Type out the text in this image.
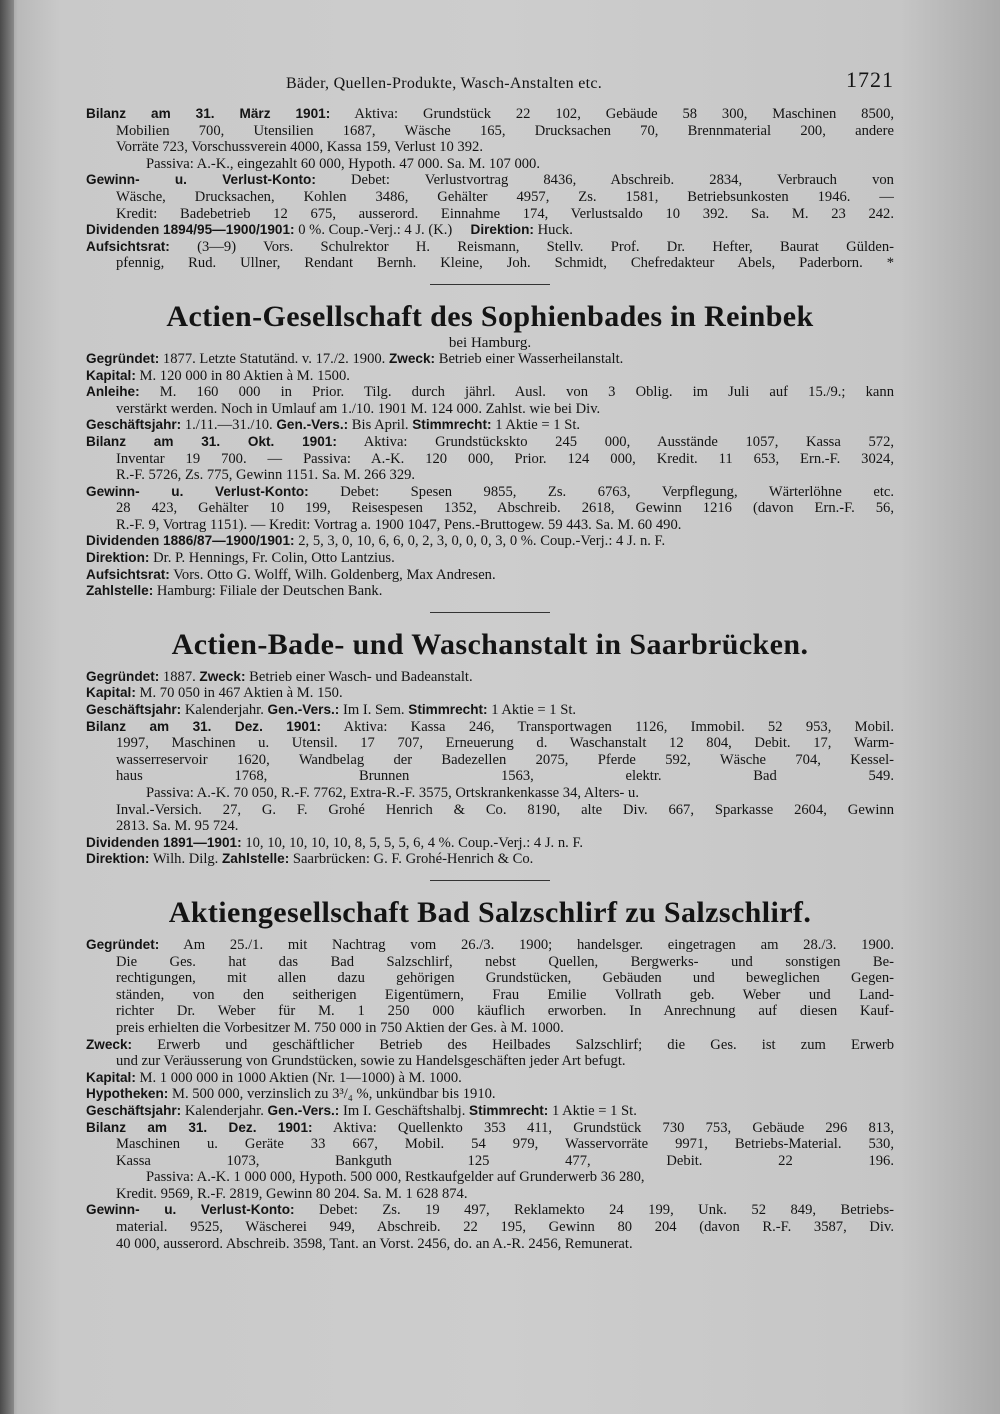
Bäder, Quellen-Produkte, Wasch-Anstalten etc.	1721
Bilanz am 31. März 1901: Aktiva: Grundstück 22 102, Gebäude 58 300, Maschinen 8500,
Mobilien 700, Utensilien 1687, Wäsche 165, Drucksachen 70, Brennmaterial 200, andere
Vorräte 723, Vorschussverein 4000, Kassa 159, Verlust 10 392.
Passiva: A.-K., eingezahlt 60 000, Hypoth. 47 000. Sa. M. 107 000.
Gewinn- u. Verlust-Konto: Debet: Verlustvortrag 8436, Abschreib. 2834, Verbrauch von
Wäsche, Drucksachen, Kohlen 3486, Gehälter 4957, Zs. 1581, Betriebsunkosten 1946. —
Kredit: Badebetrieb 12 675, ausserord. Einnahme 174, Verlustsaldo 10 392. Sa. M. 23 242.
Dividenden 1894/95—1900/1901: 0 %. Coup.-Verj.: 4 J. (K.) Direktion: Huck.
Aufsichtsrat: (3—9) Vors. Schulrektor H. Reismann, Stellv. Prof. Dr. Hefter, Baurat Gülden-
pfennig, Rud. Ullner, Rendant Bernh. Kleine, Joh. Schmidt, Chefredakteur Abels, Paderborn. *
Actien-Gesellschaft des Sophienbades in Reinbek
bei Hamburg.
Gegründet: 1877. Letzte Statutänd. v. 17./2. 1900. Zweck: Betrieb einer Wasserheilanstalt.
Kapital: M. 120 000 in 80 Aktien à M. 1500.
Anleihe: M. 160 000 in Prior. Tilg. durch jährl. Ausl. von 3 Oblig. im Juli auf 15./9.; kann
verstärkt werden. Noch in Umlauf am 1./10. 1901 M. 124 000. Zahlst. wie bei Div.
Geschäftsjahr: 1./11.—31./10. Gen.-Vers.: Bis April. Stimmrecht: 1 Aktie = 1 St.
Bilanz am 31. Okt. 1901: Aktiva: Grundstückskto 245 000, Ausstände 1057, Kassa 572,
Inventar 19 700. — Passiva: A.-K. 120 000, Prior. 124 000, Kredit. 11 653, Ern.-F. 3024,
R.-F. 5726, Zs. 775, Gewinn 1151. Sa. M. 266 329.
Gewinn- u. Verlust-Konto: Debet: Spesen 9855, Zs. 6763, Verpflegung, Wärterlöhne etc.
28 423, Gehälter 10 199, Reisespesen 1352, Abschreib. 2618, Gewinn 1216 (davon Ern.-F. 56,
R.-F. 9, Vortrag 1151). — Kredit: Vortrag a. 1900 1047, Pens.-Bruttogew. 59 443. Sa. M. 60 490.
Dividenden 1886/87—1900/1901: 2, 5, 3, 0, 10, 6, 6, 0, 2, 3, 0, 0, 0, 3, 0 %. Coup.-Verj.: 4 J. n. F.
Direktion: Dr. P. Hennings, Fr. Colin, Otto Lantzius.
Aufsichtsrat: Vors. Otto G. Wolff, Wilh. Goldenberg, Max Andresen.
Zahlstelle: Hamburg: Filiale der Deutschen Bank.
Actien-Bade- und Waschanstalt in Saarbrücken.
Gegründet: 1887. Zweck: Betrieb einer Wasch- und Badeanstalt.
Kapital: M. 70 050 in 467 Aktien à M. 150.
Geschäftsjahr: Kalenderjahr. Gen.-Vers.: Im I. Sem. Stimmrecht: 1 Aktie = 1 St.
Bilanz am 31. Dez. 1901: Aktiva: Kassa 246, Transportwagen 1126, Immobil. 52 953, Mobil.
1997, Maschinen u. Utensil. 17 707, Erneuerung d. Waschanstalt 12 804, Debit. 17, Warm-
wasserreservoir 1620, Wandbelag der Badezellen 2075, Pferde 592, Wäsche 704, Kessel-
haus 1768, Brunnen 1563, elektr. Bad 549.
Passiva: A.-K. 70 050, R.-F. 7762, Extra-R.-F. 3575, Ortskrankenkasse 34, Alters- u.
Inval.-Versich. 27, G. F. Grohé Henrich & Co. 8190, alte Div. 667, Sparkasse 2604, Gewinn
2813. Sa. M. 95 724.
Dividenden 1891—1901: 10, 10, 10, 10, 10, 8, 5, 5, 5, 6, 4 %. Coup.-Verj.: 4 J. n. F.
Direktion: Wilh. Dilg. Zahlstelle: Saarbrücken: G. F. Grohé-Henrich & Co.
Aktiengesellschaft Bad Salzschlirf zu Salzschlirf.
Gegründet: Am 25./1. mit Nachtrag vom 26./3. 1900; handelsger. eingetragen am 28./3. 1900.
Die Ges. hat das Bad Salzschlirf, nebst Quellen, Bergwerks- und sonstigen Be-
rechtigungen, mit allen dazu gehörigen Grundstücken, Gebäuden und beweglichen Gegen-
ständen, von den seitherigen Eigentümern, Frau Emilie Vollrath geb. Weber und Land-
richter Dr. Weber für M. 1 250 000 käuflich erworben. In Anrechnung auf diesen Kauf-
preis erhielten die Vorbesitzer M. 750 000 in 750 Aktien der Ges. à M. 1000.
Zweck: Erwerb und geschäftlicher Betrieb des Heilbades Salzschlirf; die Ges. ist zum Erwerb
und zur Veräusserung von Grundstücken, sowie zu Handelsgeschäften jeder Art befugt.
Kapital: M. 1 000 000 in 1000 Aktien (Nr. 1—1000) à M. 1000.
Hypotheken: M. 500 000, verzinslich zu 3³/₄ %, unkündbar bis 1910.
Geschäftsjahr: Kalenderjahr. Gen.-Vers.: Im I. Geschäftshalbj. Stimmrecht: 1 Aktie = 1 St.
Bilanz am 31. Dez. 1901: Aktiva: Quellenkto 353 411, Grundstück 730 753, Gebäude 296 813,
Maschinen u. Geräte 33 667, Mobil. 54 979, Wasservorräte 9971, Betriebs-Material. 530,
Kassa 1073, Bankguth 125 477, Debit. 22 196.
Passiva: A.-K. 1 000 000, Hypoth. 500 000, Restkaufgelder auf Grunderwerb 36 280,
Kredit. 9569, R.-F. 2819, Gewinn 80 204. Sa. M. 1 628 874.
Gewinn- u. Verlust-Konto: Debet: Zs. 19 497, Reklamekto 24 199, Unk. 52 849, Betriebs-
material. 9525, Wäscherei 949, Abschreib. 22 195, Gewinn 80 204 (davon R.-F. 3587, Div.
40 000, ausserord. Abschreib. 3598, Tant. an Vorst. 2456, do. an A.-R. 2456, Remunerat.
